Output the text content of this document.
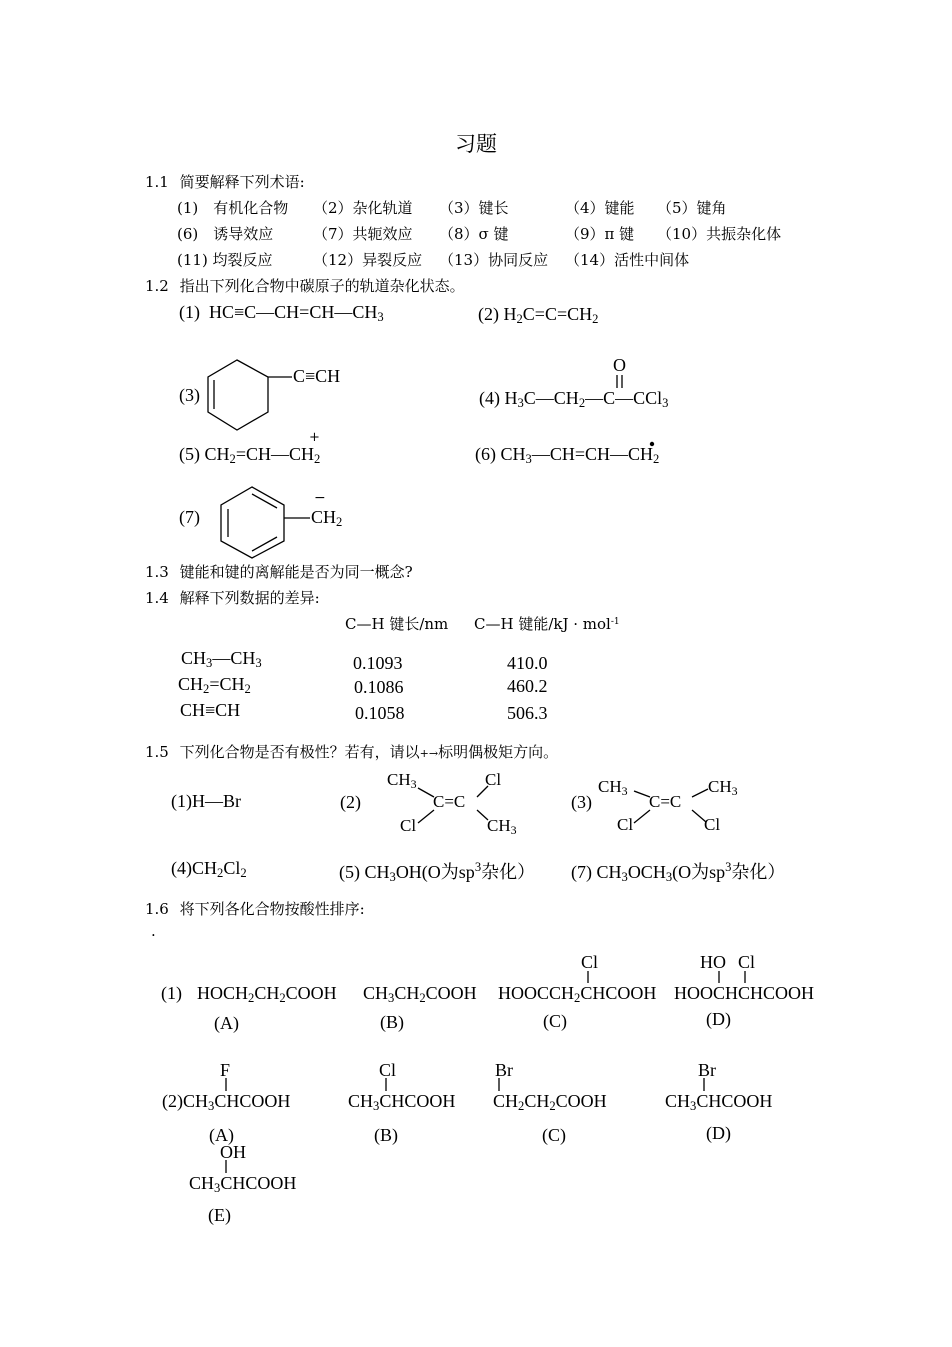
习题
1.1 简要解释下列术语:
(1)　有机化合物 （2）杂化轨道 （3）键长	（4）键能 （5）键角
(6)　诱导效应	（7）共轭效应 （8）σ 键	（9）π 键 （10）共振杂化体
(11) 均裂反应	（12）异裂反应 （13）协同反应 （14）活性中间体
1.2 指出下列化合物中碳原子的轨道杂化状态。
(1) $HC\equiv C—CH=CH—CH_3$	(2) $H_2C=C=CH_2$
(3)
C≡CH
O
(4) $H_3C—CH_2—C—CCl_3$
+
(5) $CH_2=CH—CH_2$	(6) $CH_3—CH=CH—CH_2$
(7)
−
$CH_2$
1.3 键能和键的离解能是否为同一概念?
1.4 解释下列数据的差异:
C—H 键长/nm C—H 键能/kJ · mol$^{-1}$
$CH_3—CH_3$	0.1093	410.0
$CH_2=CH_2$	0.1086	460.2
CH≡CH	0.1058	506.3
1.5 下列化合物是否有极性？若有，请以+→标明偶极矩方向。
(1)H—Br	(2)
$CH_3$	Cl
C=C
Cl	$CH_3$
(3)
$CH_3$	$CH_3$
C=C
Cl	Cl
$(4)CH_2Cl_2$	(5) $CH_3OH(O$为$sp^3$杂化） (7) $CH_3OCH_3(O$为$sp^3$杂化）
1.6 将下列各化合物按酸性排序:
.
(1) $HOCH_2CH_2COOH$
(A)
$CH_3CH_2COOH$
(B)
Cl
$HOOCCH_2CHCOOH$
(C)
HO Cl
HOOCHCHCOOH
(D)
F
$(2)CH_3CHCOOH$
(A)
Cl
$CH_3CHCOOH$
(B)
Br
$CH_2CH_2COOH$
(C)
Br
$CH_3CHCOOH$
(D)
OH
$CH_3CHCOOH$
(E)
